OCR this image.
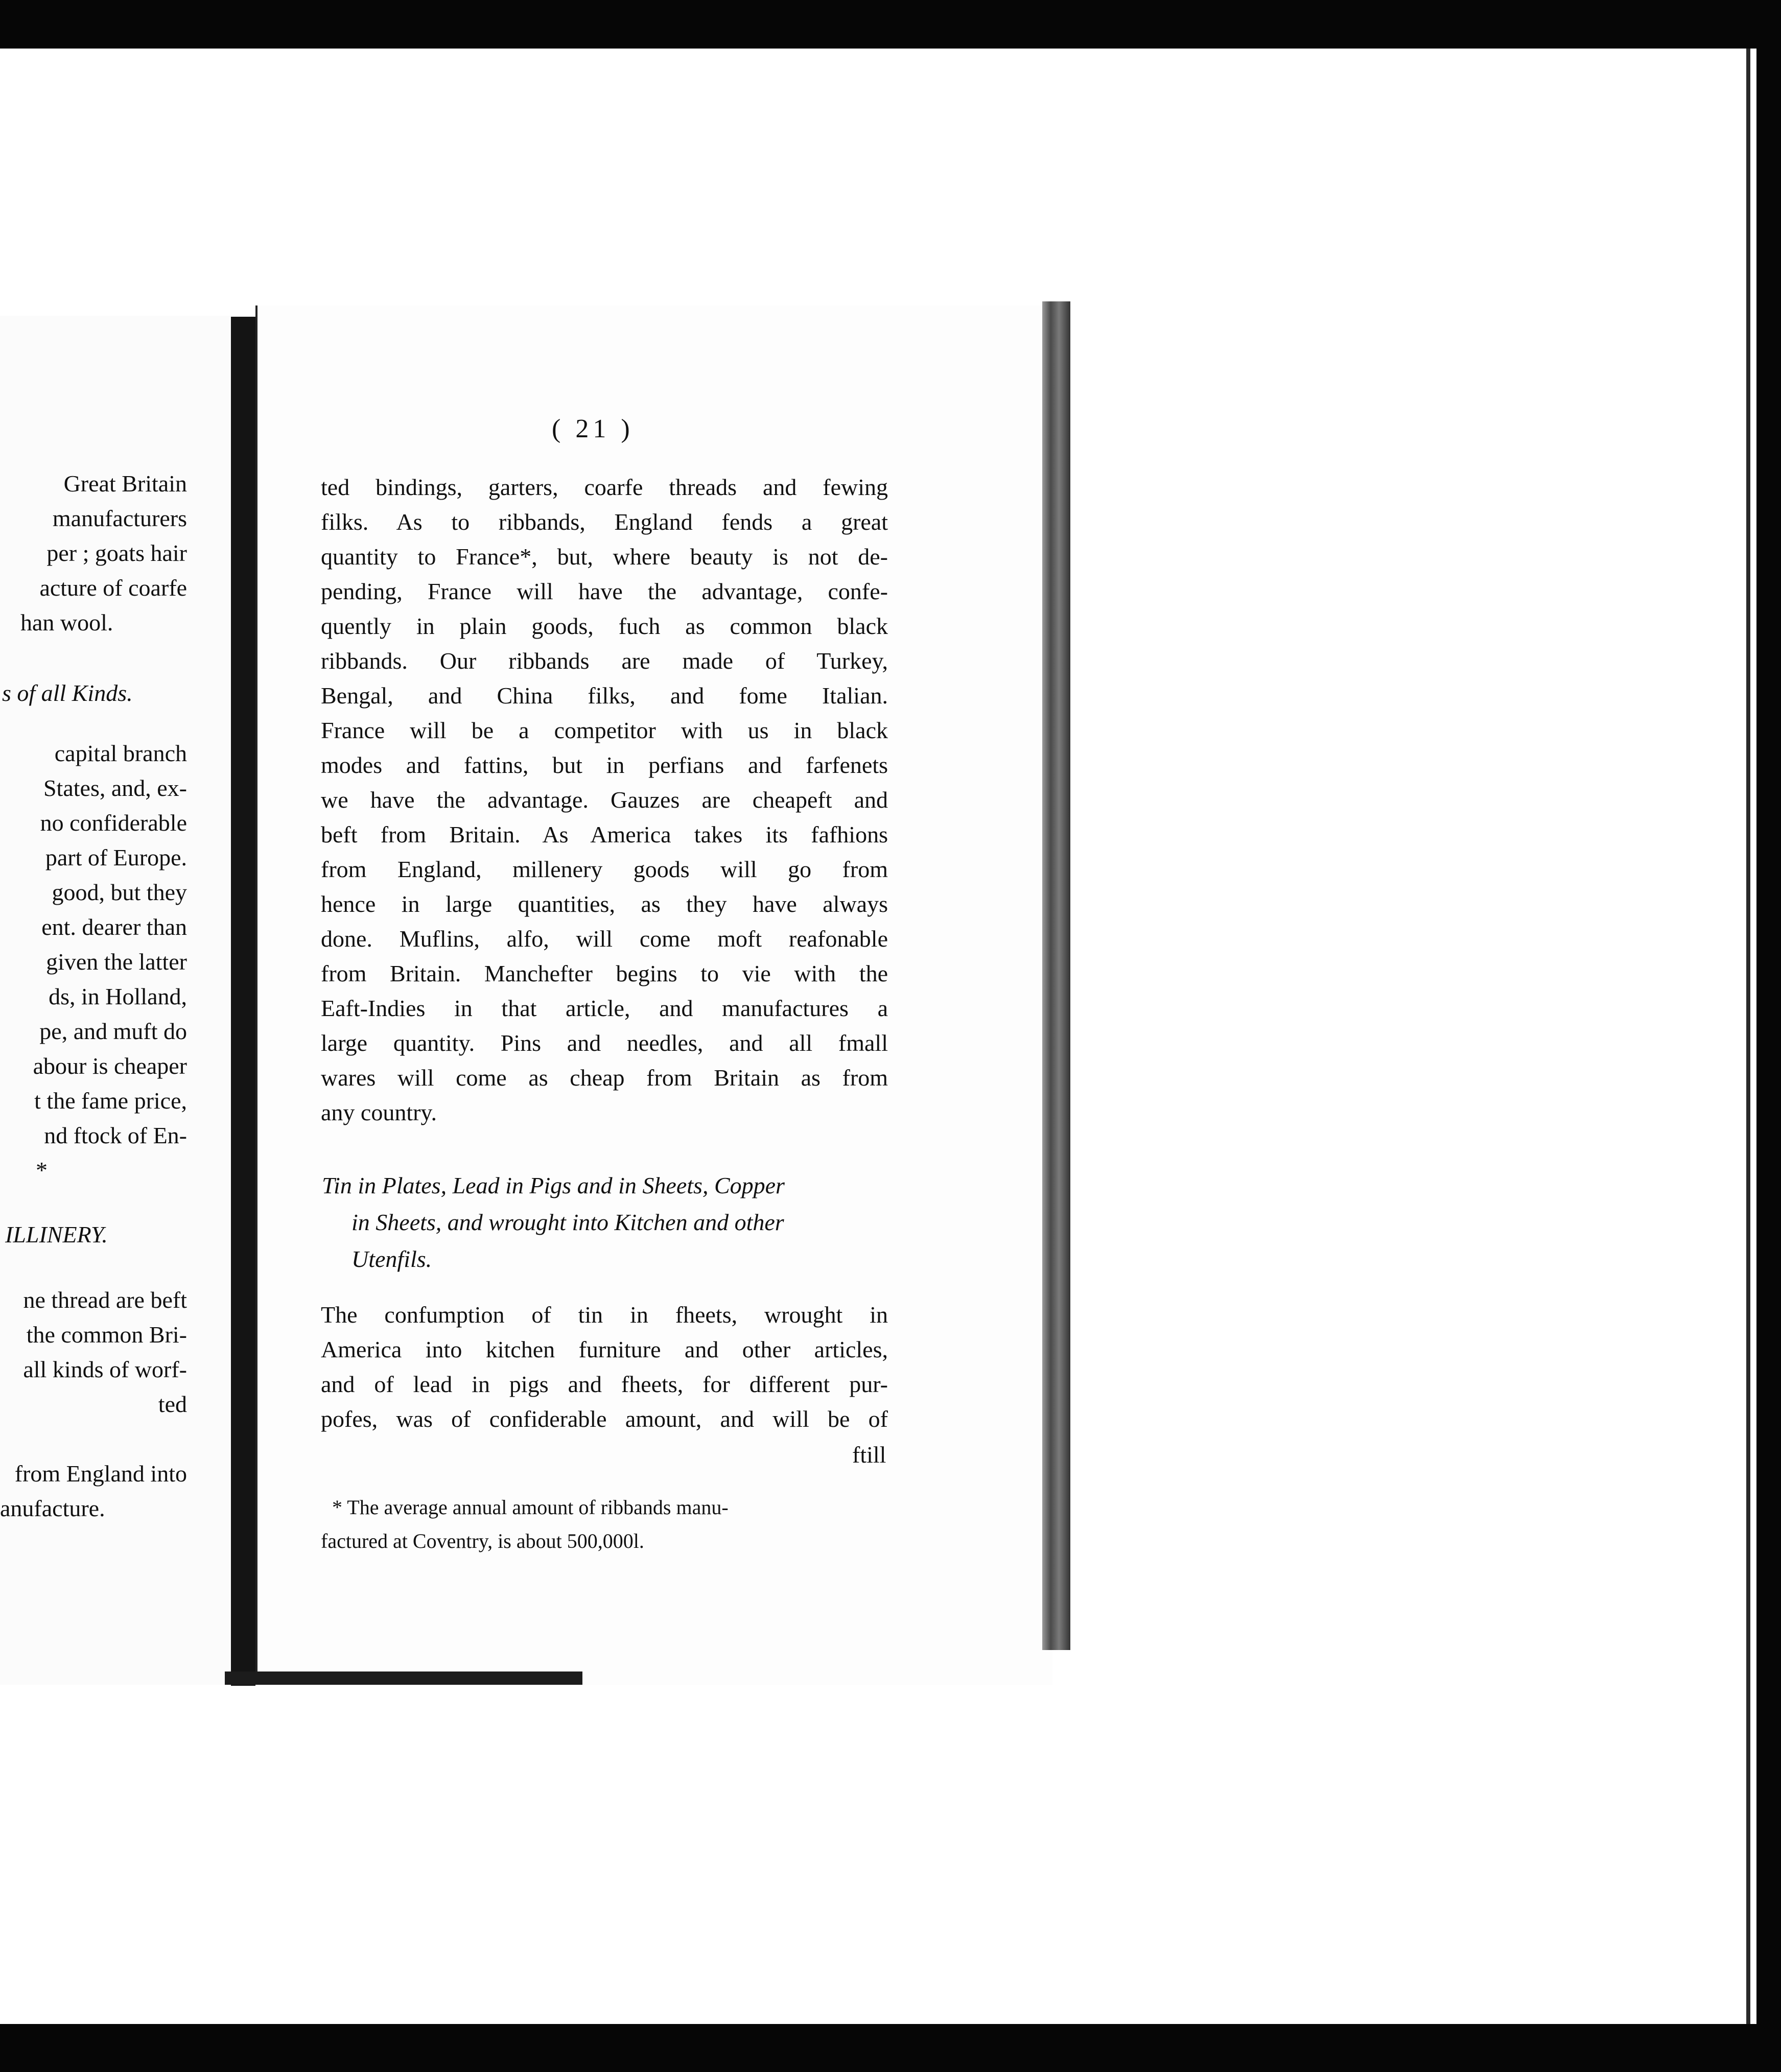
Great Britain
manufacturers
per ; goats hair
acture of coarfe
han wool.
s of all Kinds.
capital branch
States, and, ex-
no confiderable
part of Europe.
good, but they
ent. dearer than
given the latter
ds, in Holland,
pe, and muft do
abour is cheaper
t the fame price,
nd ftock of En-
*
ILLINERY.
ne thread are beft
the common Bri-
all kinds of worf-
ted
from England into
anufacture.
( 21 )
ted bindings, garters, coarfe threads and fewing
filks. As to ribbands, England fends a great
quantity to France*, but, where beauty is not de-
pending, France will have the advantage, confe-
quently in plain goods, fuch as common black
ribbands. Our ribbands are made of Turkey,
Bengal, and China filks, and fome Italian.
France will be a competitor with us in black
modes and fattins, but in perfians and farfenets
we have the advantage. Gauzes are cheapeft and
beft from Britain. As America takes its fafhions
from England, millenery goods will go from
hence in large quantities, as they have always
done. Muflins, alfo, will come moft reafonable
from Britain. Manchefter begins to vie with the
Eaft-Indies in that article, and manufactures a
large quantity. Pins and needles, and all fmall
wares will come as cheap from Britain as from
any country.
Tin in Plates, Lead in Pigs and in Sheets, Copper
in Sheets, and wrought into Kitchen and other
Utenfils.
The confumption of tin in fheets, wrought in
America into kitchen furniture and other articles,
and of lead in pigs and fheets, for different pur-
pofes, was of confiderable amount, and will be of
ftill
* The average annual amount of ribbands manu-
factured at Coventry, is about 500,000l.
